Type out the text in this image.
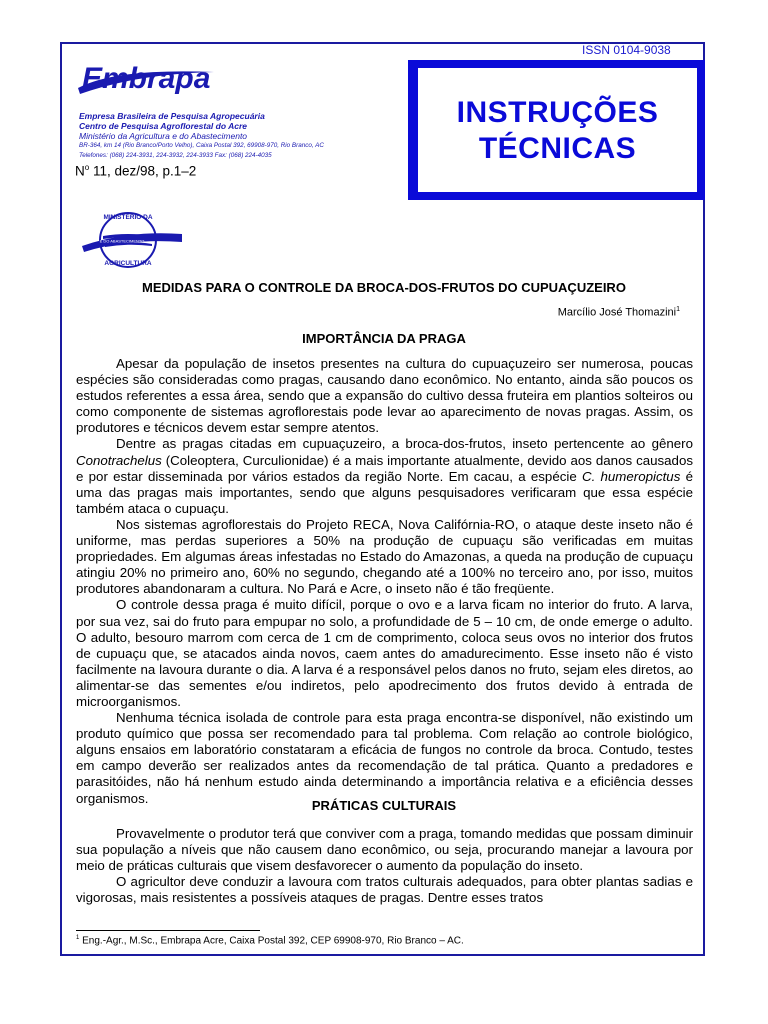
ISSN 0104-9038
Embrapa
Empresa Brasileira de Pesquisa Agropecuária
Centro de Pesquisa Agroflorestal do Acre
Ministério da Agricultura e do Abastecimento
BR-364, km 14 (Rio Branco/Porto Velho), Caixa Postal 392, 69908-970, Rio Branco, AC
Telefones: (068) 224-3931, 224-3932, 224-3933 Fax: (068) 224-4035
INSTRUÇÕES
TÉCNICAS
$N^o$ 11, dez/98, p.1–2
E DO ABASTECIMENTO
MINISTÉRIO DA
AGRICULTURA
MEDIDAS PARA O CONTROLE DA BROCA-DOS-FRUTOS DO CUPUAÇUZEIRO
Marcílio José Thomazini$^1$
IMPORTÂNCIA DA PRAGA

Apesar da população de insetos presentes na cultura do cupuaçuzeiro ser numerosa, poucas espécies são consideradas como pragas, causando dano econômico. No entanto, ainda são poucos os estudos referentes a essa área, sendo que a expansão do cultivo dessa fruteira em plantios solteiros ou como componente de sistemas agroflorestais pode levar ao aparecimento de novas pragas. Assim, os produtores e técnicos devem estar sempre atentos.

Dentre as pragas citadas em cupuaçuzeiro, a broca-dos-frutos, inseto pertencente ao gênero Conotrachelus (Coleoptera, Curculionidae) é a mais importante atualmente, devido aos danos causados e por estar disseminada por vários estados da região Norte. Em cacau, a espécie C. humeropictus é uma das pragas mais importantes, sendo que alguns pesquisadores verificaram que essa espécie também ataca o cupuaçu.

Nos sistemas agroflorestais do Projeto RECA, Nova Califórnia-RO, o ataque deste inseto não é uniforme, mas perdas superiores a 50% na produção de cupuaçu são verificadas em muitas propriedades. Em algumas áreas infestadas no Estado do Amazonas, a queda na produção de cupuaçu atingiu 20% no primeiro ano, 60% no segundo, chegando até a 100% no terceiro ano, por isso, muitos produtores abandonaram a cultura. No Pará e Acre, o inseto não é tão freqüente.

O controle dessa praga é muito difícil, porque o ovo e a larva ficam no interior do fruto. A larva, por sua vez, sai do fruto para empupar no solo, a profundidade de 5 – 10 cm, de onde emerge o adulto. O adulto, besouro marrom com cerca de 1 cm de comprimento, coloca seus ovos no interior dos frutos de cupuaçu que, se atacados ainda novos, caem antes do amadurecimento. Esse inseto não é visto facilmente na lavoura durante o dia. A larva é a responsável pelos danos no fruto, sejam eles diretos, ao alimentar-se das sementes e/ou indiretos, pelo apodrecimento dos frutos devido à entrada de microorganismos.

Nenhuma técnica isolada de controle para esta praga encontra-se disponível, não existindo um produto químico que possa ser recomendado para tal problema. Com relação ao controle biológico, alguns ensaios em laboratório constataram a eficácia de fungos no controle da broca. Contudo, testes em campo deverão ser realizados antes da recomendação de tal prática. Quanto a predadores e parasitóides, não há nenhum estudo ainda determinando a importância relativa e a eficiência desses organismos.	PRÁTICAS CULTURAIS

Provavelmente o produtor terá que conviver com a praga, tomando medidas que possam diminuir sua população a níveis que não causem dano econômico, ou seja, procurando manejar a lavoura por meio de práticas culturais que visem desfavorecer o aumento da população do inseto.

O agricultor deve conduzir a lavoura com tratos culturais adequados, para obter plantas sadias e vigorosas, mais resistentes a possíveis ataques de pragas. Dentre esses tratos

$^1$ Eng.-Agr., M.Sc., Embrapa Acre, Caixa Postal 392, CEP 69908-970, Rio Branco – AC.
